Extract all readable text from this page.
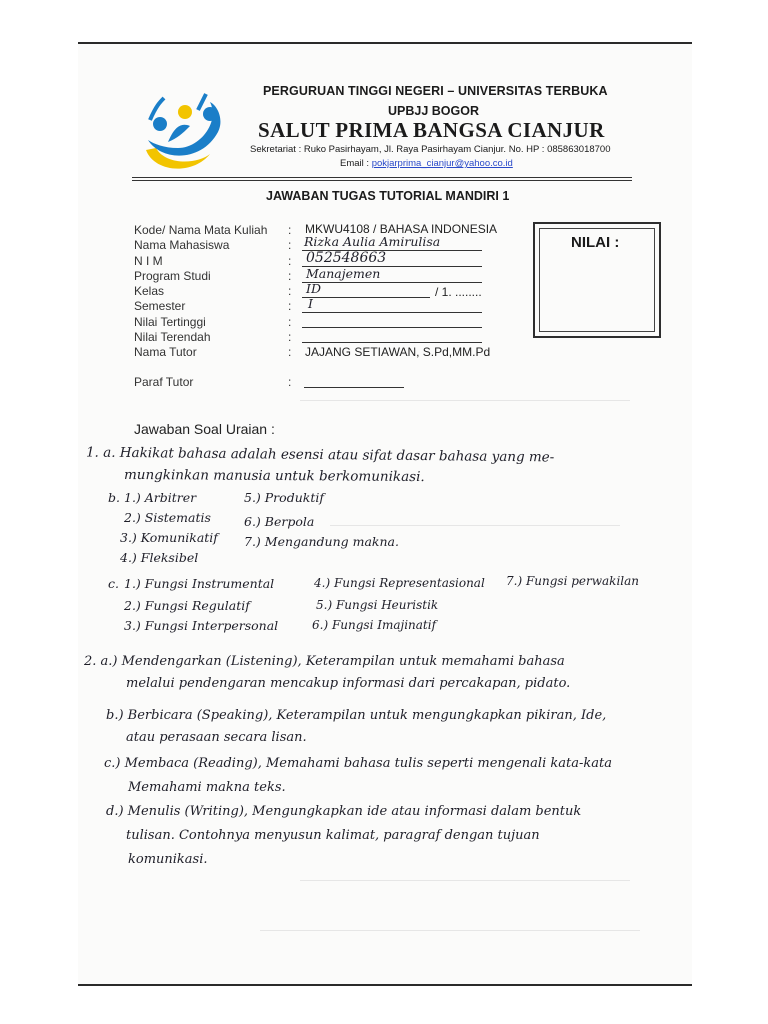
PERGURUAN TINGGI NEGERI – UNIVERSITAS TERBUKA
UPBJJ BOGOR
SALUT PRIMA BANGSA CIANJUR
Sekretariat : Ruko Pasirhayam, Jl. Raya Pasirhayam Cianjur. No. HP : 085863018700
Email : pokjarprima_cianjur@yahoo.co.id
JAWABAN TUGAS TUTORIAL MANDIRI 1
Kode/ Nama Mata Kuliah
Nama Mahasiswa
N I M
Program Studi
Kelas
Semester
Nilai Tertinggi
Nilai Terendah
Nama Tutor
Paraf Tutor
:
:
:
:
:
:
:
:
:
:
MKWU4108 / BAHASA INDONESIA
Rizka Aulia Amirulisa
052548663
Manajemen
ID	/ 1. ........
I
JAJANG SETIAWAN, S.Pd,MM.Pd
NILAI :
Jawaban Soal Uraian :
1. a. Hakikat bahasa adalah esensi atau sifat dasar bahasa yang me-
mungkinkan manusia untuk berkomunikasi.
b. 1.) Arbitrer
2.) Sistematis
3.) Komunikatif
4.) Fleksibel
5.) Produktif
6.) Berpola
7.) Mengandung makna.
c. 1.) Fungsi Instrumental
2.) Fungsi Regulatif
3.) Fungsi Interpersonal
4.) Fungsi Representasional
5.) Fungsi Heuristik
6.) Fungsi Imajinatif
7.) Fungsi perwakilan
2. a.) Mendengarkan (Listening), Keterampilan untuk memahami bahasa
melalui pendengaran mencakup informasi dari percakapan, pidato.
b.) Berbicara (Speaking), Keterampilan untuk mengungkapkan pikiran, Ide,
atau perasaan secara lisan.
c.) Membaca (Reading), Memahami bahasa tulis seperti mengenali kata-kata
Memahami makna teks.
d.) Menulis (Writing), Mengungkapkan ide atau informasi dalam bentuk
tulisan. Contohnya menyusun kalimat, paragraf dengan tujuan
komunikasi.
